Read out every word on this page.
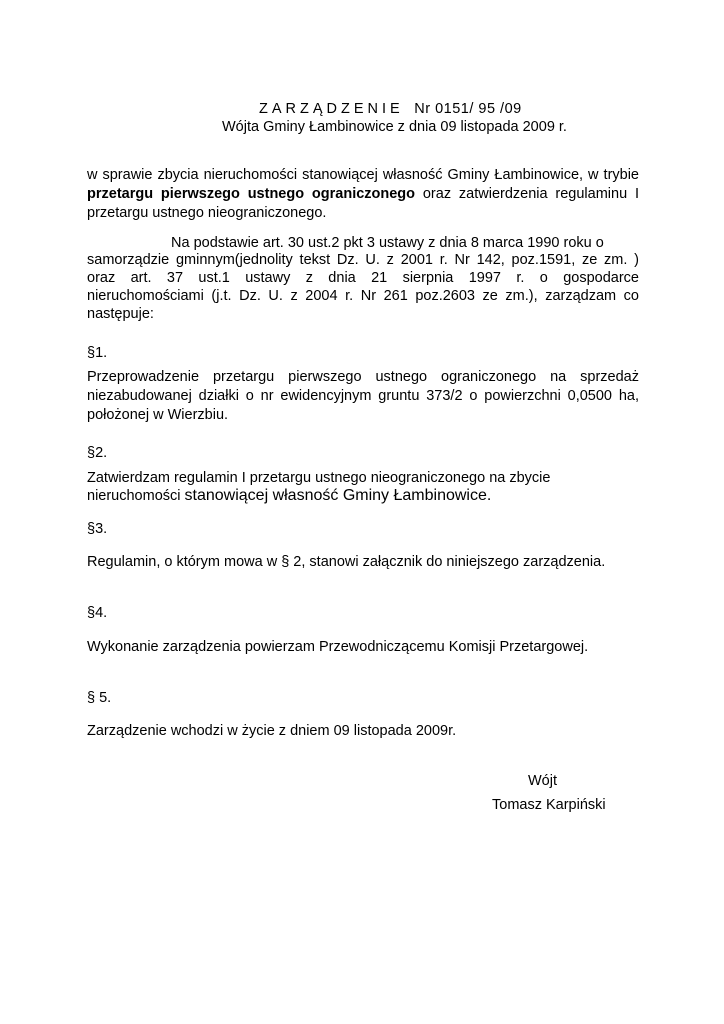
ZARZĄDZENIE Nr 0151/ 95 /09
Wójta Gminy Łambinowice z dnia 09 listopada 2009 r.
w sprawie zbycia nieruchomości stanowiącej własność Gminy Łambinowice, w trybie
przetargu pierwszego ustnego ograniczonego oraz zatwierdzenia regulaminu I
przetargu ustnego nieograniczonego.
Na podstawie art. 30 ust.2 pkt 3 ustawy z dnia 8 marca 1990 roku o
samorządzie gminnym(jednolity tekst Dz. U. z 2001 r. Nr 142, poz.1591, ze zm. )
oraz art. 37 ust.1 ustawy z dnia 21 sierpnia 1997 r. o gospodarce
nieruchomościami (j.t. Dz. U. z 2004 r. Nr 261 poz.2603 ze zm.), zarządzam co
następuje:
§1.
Przeprowadzenie przetargu pierwszego ustnego ograniczonego na sprzedaż
niezabudowanej działki o nr ewidencyjnym gruntu 373/2 o powierzchni 0,0500 ha,
położonej w Wierzbiu.
§2.
Zatwierdzam regulamin I przetargu ustnego nieograniczonego na zbycie
nieruchomości stanowiącej własność Gminy Łambinowice.
§3.
Regulamin, o którym mowa w § 2, stanowi załącznik do niniejszego zarządzenia.
§4.
Wykonanie zarządzenia powierzam Przewodniczącemu Komisji Przetargowej.
§ 5.
Zarządzenie wchodzi w życie z dniem 09 listopada 2009r.
Wójt
Tomasz Karpiński
